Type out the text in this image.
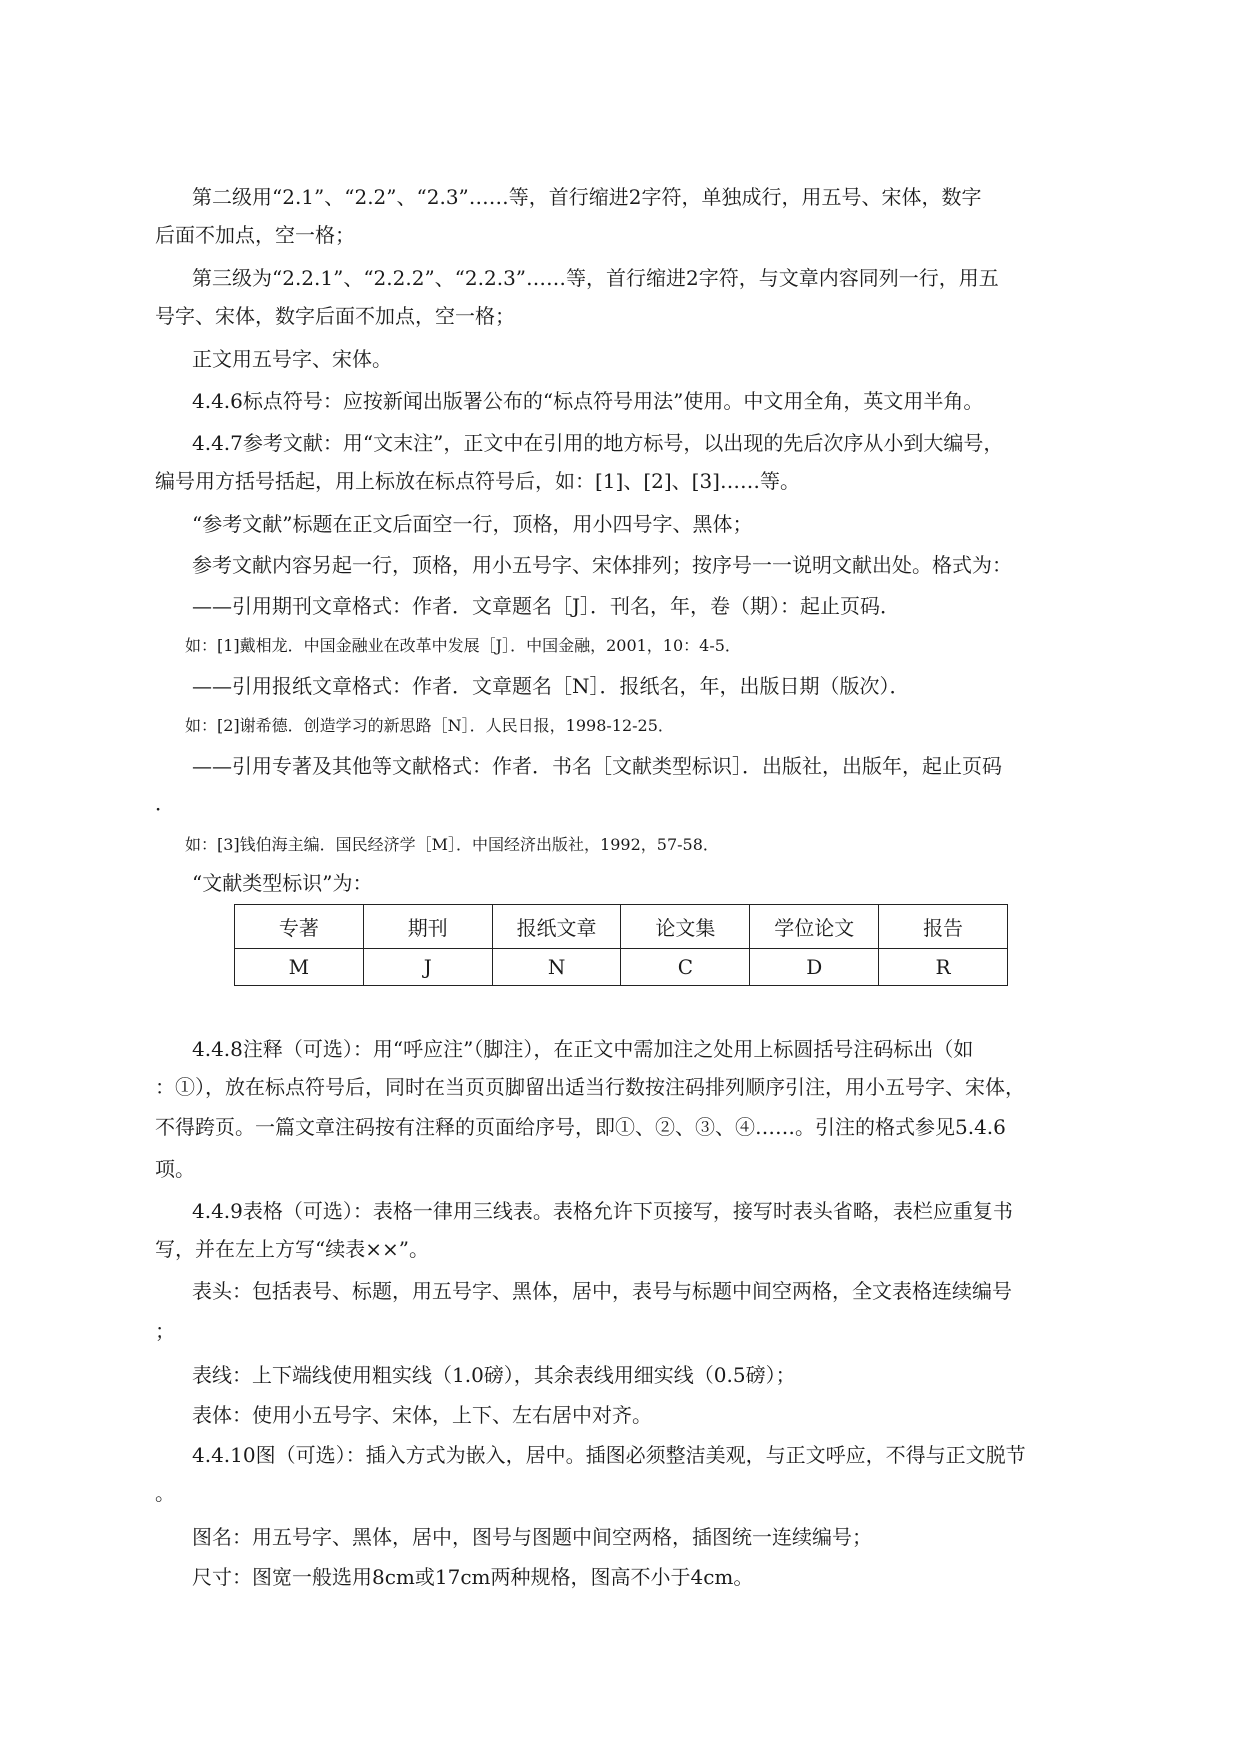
第二级用“2.1”、“2.2”、“2.3”……等，首行缩进2字符，单独成行，用五号、宋体，数字
后面不加点，空一格；
第三级为“2.2.1”、“2.2.2”、“2.2.3”……等，首行缩进2字符，与文章内容同列一行，用五
号字、宋体，数字后面不加点，空一格；
正文用五号字、宋体。
4.4.6标点符号：应按新闻出版署公布的“标点符号用法”使用。中文用全角，英文用半角。
4.4.7参考文献：用“文末注”，正文中在引用的地方标号，以出现的先后次序从小到大编号，
编号用方括号括起，用上标放在标点符号后，如：[1]、[2]、[3]……等。
“参考文献”标题在正文后面空一行，顶格，用小四号字、黑体；
参考文献内容另起一行，顶格，用小五号字、宋体排列；按序号一一说明文献出处。格式为：
——引用期刊文章格式：作者．文章题名［J］．刊名，年，卷（期）：起止页码．
如：[1]戴相龙．中国金融业在改革中发展［J］．中国金融，2001，10：4-5．
——引用报纸文章格式：作者．文章题名［N］．报纸名，年，出版日期（版次）．
如：[2]谢希德．创造学习的新思路［N］．人民日报，1998-12-25．
——引用专著及其他等文献格式：作者．书名［文献类型标识］．出版社，出版年，起止页码
．
如：[3]钱伯海主编．国民经济学［M］．中国经济出版社，1992，57-58．
“文献类型标识”为：
专著	期刊	报纸文章	论文集	学位论文	报告
M	J	N	C	D	R
4.4.8注释（可选）：用“呼应注”（脚注），在正文中需加注之处用上标圆括号注码标出（如
：①），放在标点符号后，同时在当页页脚留出适当行数按注码排列顺序引注，用小五号字、宋体，
不得跨页。一篇文章注码按有注释的页面给序号，即①、②、③、④……。引注的格式参见5.4.6
项。
4.4.9表格（可选）：表格一律用三线表。表格允许下页接写，接写时表头省略，表栏应重复书
写，并在左上方写“续表××”。
表头：包括表号、标题，用五号字、黑体，居中，表号与标题中间空两格，全文表格连续编号
；
表线：上下端线使用粗实线（1.0磅），其余表线用细实线（0.5磅）；
表体：使用小五号字、宋体，上下、左右居中对齐。
4.4.10图（可选）：插入方式为嵌入，居中。插图必须整洁美观，与正文呼应，不得与正文脱节
。
图名：用五号字、黑体，居中，图号与图题中间空两格，插图统一连续编号；
尺寸：图宽一般选用8cm或17cm两种规格，图高不小于4cm。
